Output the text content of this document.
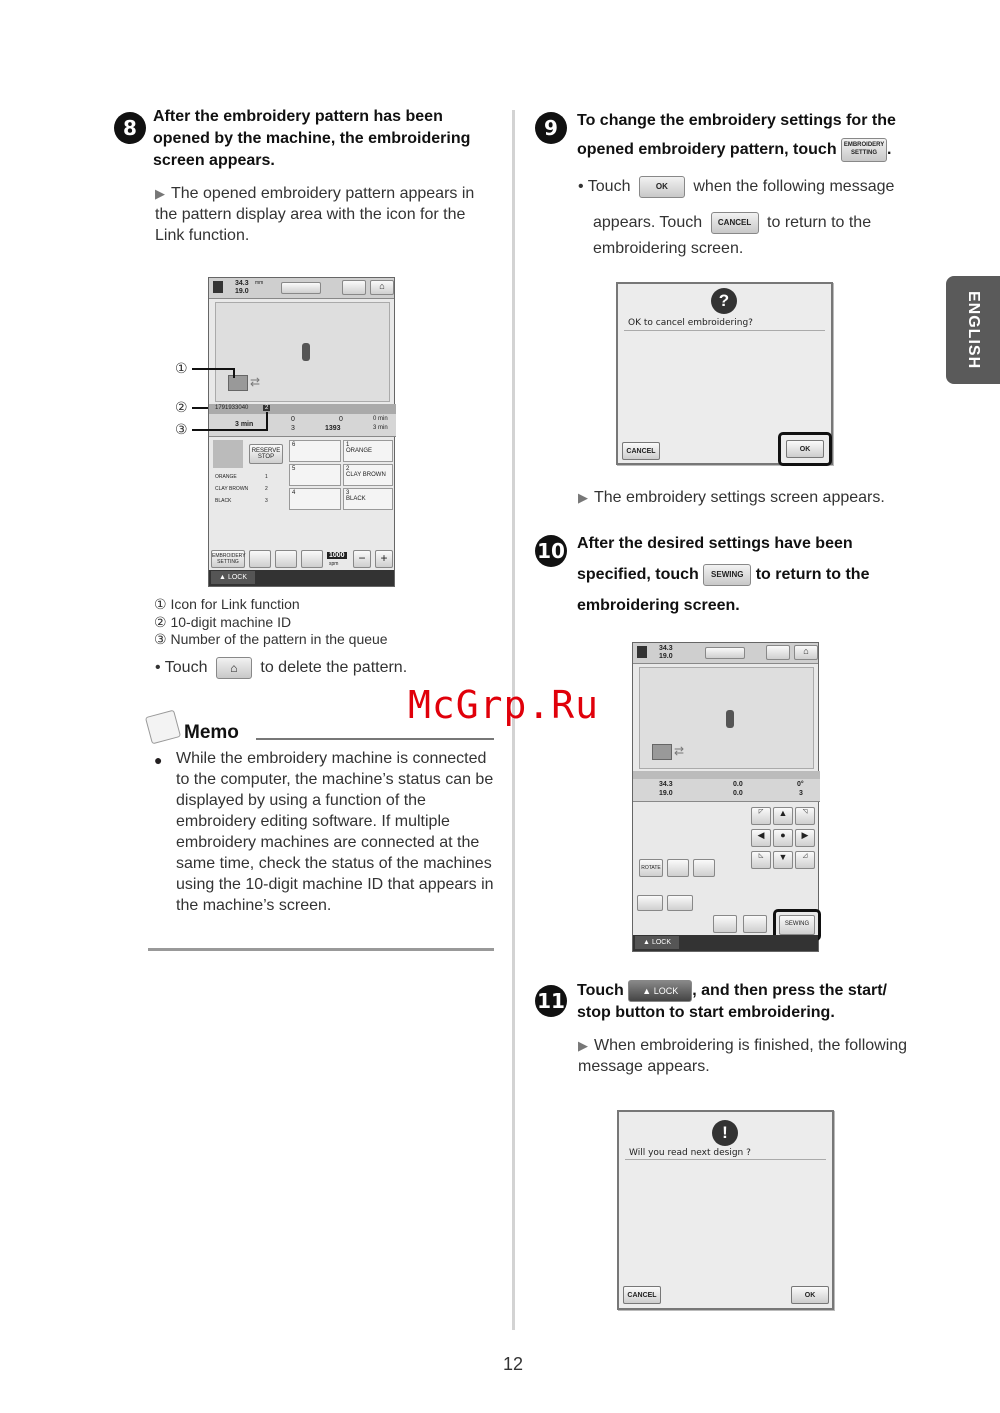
ENGLISH
8	After the embroidery pattern has been opened by the machine, the embroidering screen appears.
▶ The opened embroidery pattern appears in the pattern display area with the icon for the Link function.
34.3
19.0
mm	⌂
⇄
1791933040	2
3 min
0
3
0
1393
0 min
3 min
RESERVE STOP
ORANGE	1
CLAY BROWN	2
BLACK	3
6	1
ORANGE
5	2
CLAY BROWN
4	3
BLACK
EMBROIDERY SETTING
1000
spm	−	+
▲ LOCK
①
②
③
① Icon for Link function
② 10-digit machine ID
③ Number of the pattern in the queue
• Touch ⌂ to delete the pattern.
Memo
● While the embroidery machine is connected to the computer, the machine’s status can be displayed by using a function of the embroidery editing software. If multiple embroidery machines are connected at the same time, check the status of the machines using the 10-digit machine ID that appears in the machine’s screen.
9	To change the embroidery settings for the opened embroidery pattern, touch EMBROIDERY SETTING .
• Touch	OK when the following message
appears. Touch CANCEL to return to the embroidering screen.
?
OK to cancel embroidering?
CANCEL	OK
▶ The embroidery settings screen appears.
10 After the desired settings have been specified, touch SEWING to return to the embroidering screen.
34.3
19.0
⌂
⇄
34.3
19.0
0.0
0.0
0°
3
◸	▲	◹
◀	●	▶
◺	▼	◿
ROTATE
SEWING
▲ LOCK
11 Touch ▲ LOCK , and then press the start/ stop button to start embroidering.
▶ When embroidering is finished, the following message appears.
!
Will you read next design ?
CANCEL	OK
McGrp.Ru
12
